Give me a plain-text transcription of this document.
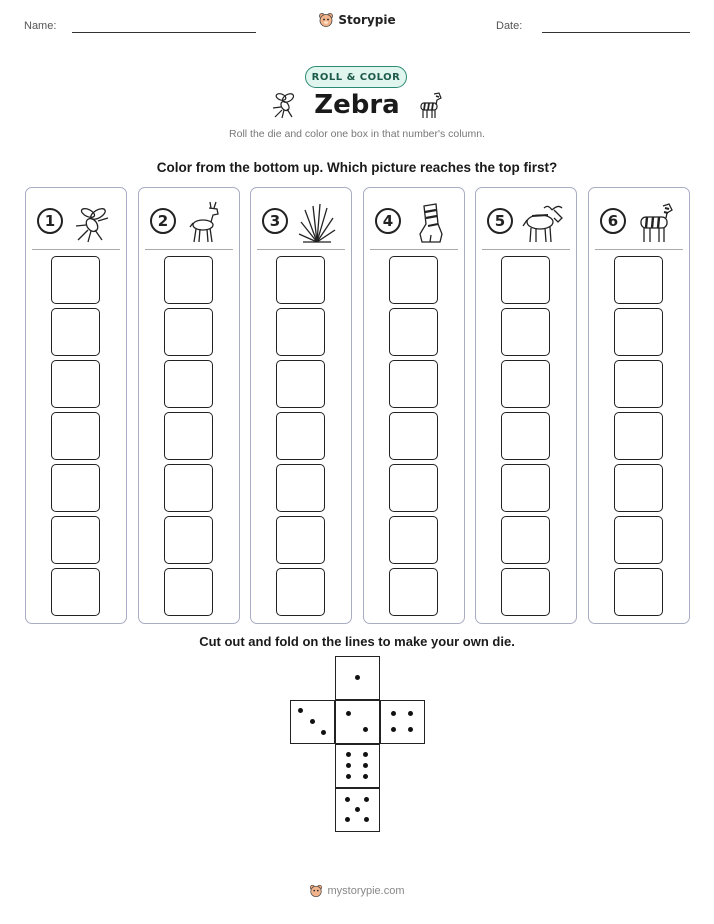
Name:	Storypie	Date:
ROLL & COLOR
Zebra
Roll the die and color one box in that number's column.
Color from the bottom up. Which picture reaches the top first?
1	2	3	4	5	6
Cut out and fold on the lines to make your own die.
mystorypie.com
